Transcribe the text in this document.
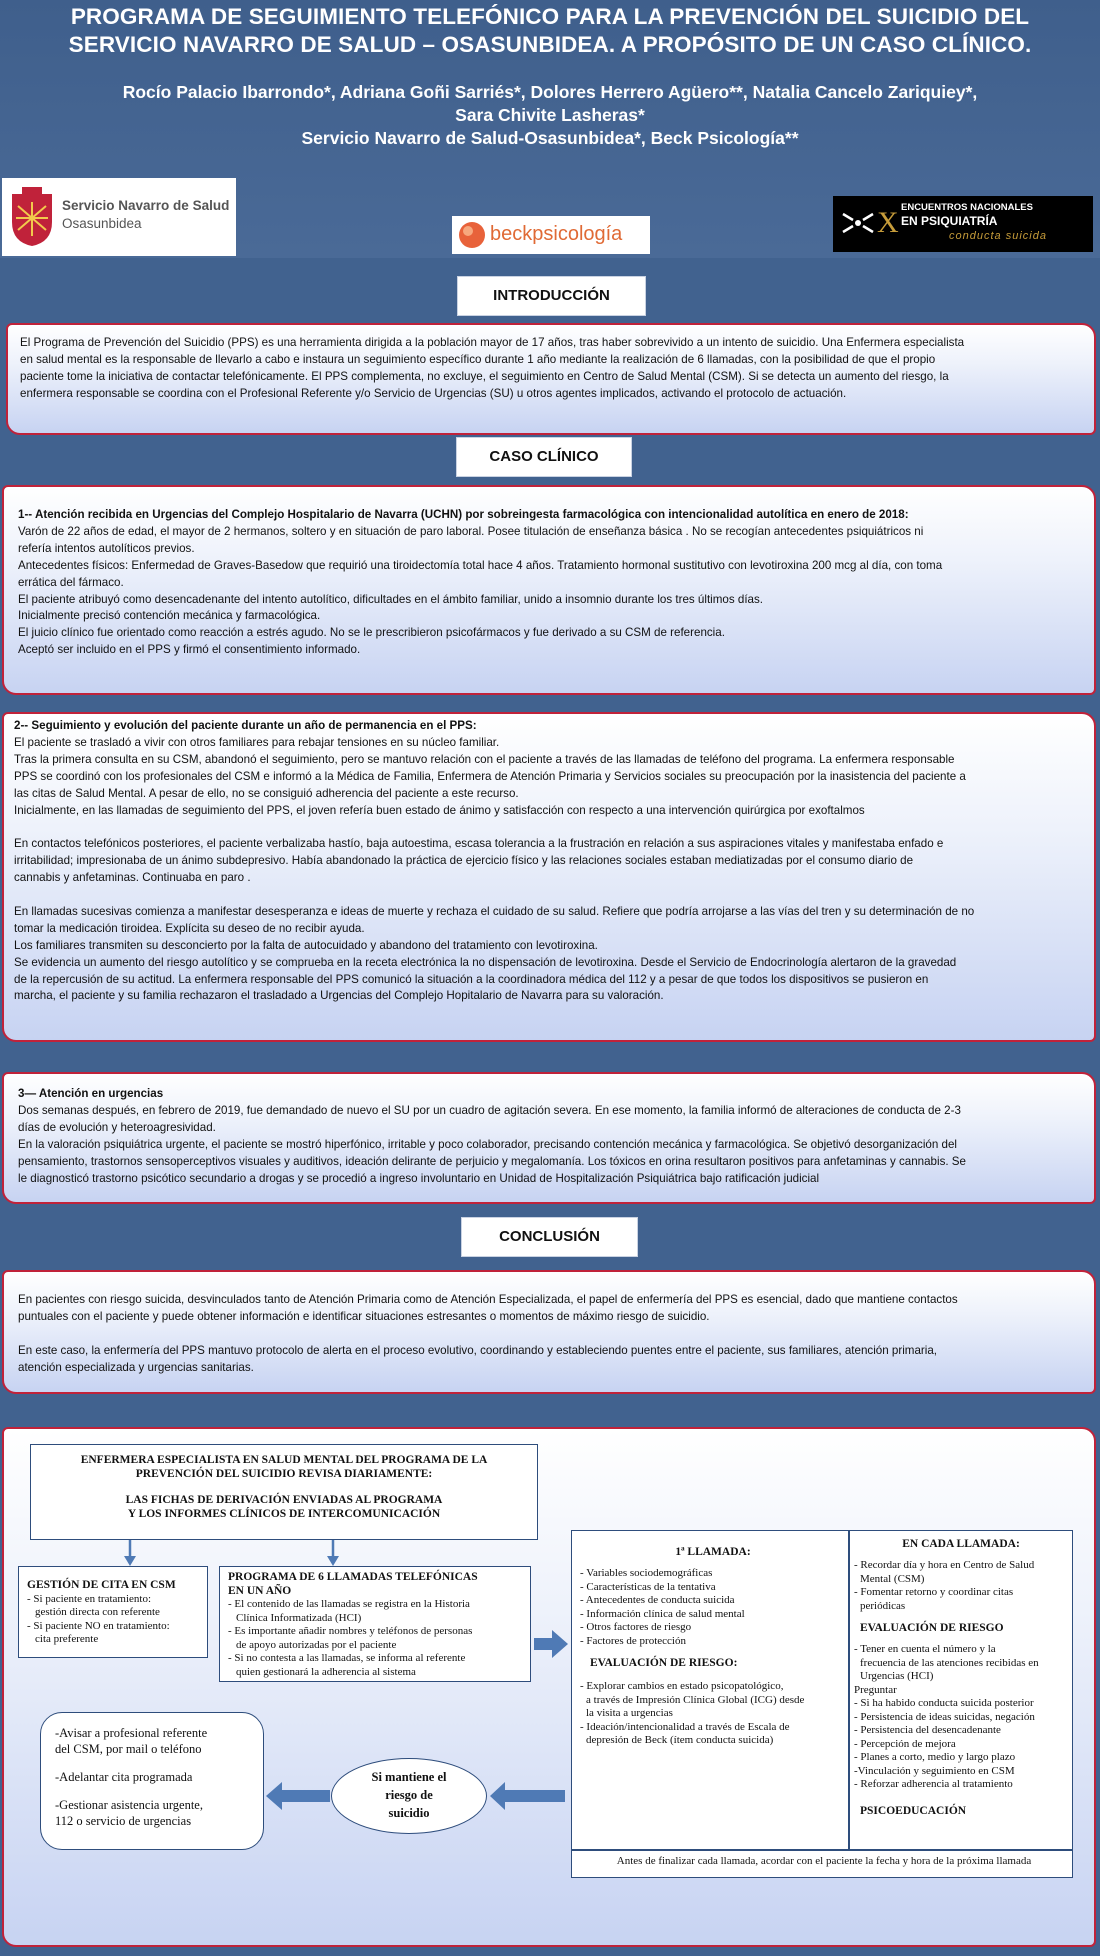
PROGRAMA DE SEGUIMIENTO TELEFÓNICO PARA LA PREVENCIÓN DEL SUICIDIO DEL
SERVICIO NAVARRO DE SALUD – OSASUNBIDEA. A PROPÓSITO DE UN CASO CLÍNICO.
Rocío Palacio Ibarrondo*, Adriana Goñi Sarriés*, Dolores Herrero Agüero**, Natalia Cancelo Zariquiey*,
Sara Chivite Lasheras*
Servicio Navarro de Salud-Osasunbidea*, Beck Psicología**
Servicio Navarro de Salud
Osasunbidea	beckpsicología	X ENCUENTROS NACIONALES
EN PSIQUIATRÍA
conducta suicida
INTRODUCCIÓN

El Programa de Prevención del Suicidio (PPS) es una herramienta dirigida a la población mayor de 17 años, tras haber sobrevivido a un intento de suicidio. Una Enfermera especialista

en salud mental es la responsable de llevarlo a cabo e instaura un seguimiento específico durante 1 año mediante la realización de 6 llamadas, con la posibilidad de que el propio

paciente tome la iniciativa de contactar telefónicamente. El PPS complementa, no excluye, el seguimiento en Centro de Salud Mental (CSM). Si se detecta un aumento del riesgo, la

enfermera responsable se coordina con el Profesional Referente y/o Servicio de Urgencias (SU) u otros agentes implicados, activando el protocolo de actuación.

CASO CLÍNICO

1-- Atención recibida en Urgencias del Complejo Hospitalario de Navarra (UCHN) por sobreingesta farmacológica con intencionalidad autolítica en enero de 2018:

Varón de 22 años de edad, el mayor de 2 hermanos, soltero y en situación de paro laboral. Posee titulación de enseñanza básica . No se recogían antecedentes psiquiátricos ni

refería intentos autolíticos previos.

Antecedentes físicos: Enfermedad de Graves-Basedow que requirió una tiroidectomía total hace 4 años. Tratamiento hormonal sustitutivo con levotiroxina 200 mcg al día, con toma

errática del fármaco.

El paciente atribuyó como desencadenante del intento autolítico, dificultades en el ámbito familiar, unido a insomnio durante los tres últimos días.

Inicialmente precisó contención mecánica y farmacológica.

El juicio clínico fue orientado como reacción a estrés agudo. No se le prescribieron psicofármacos y fue derivado a su CSM de referencia.

Aceptó ser incluido en el PPS y firmó el consentimiento informado.

2-- Seguimiento y evolución del paciente durante un año de permanencia en el PPS:

El paciente se trasladó a vivir con otros familiares para rebajar tensiones en su núcleo familiar.

Tras la primera consulta en su CSM, abandonó el seguimiento, pero se mantuvo relación con el paciente a través de las llamadas de teléfono del programa. La enfermera responsable

PPS se coordinó con los profesionales del CSM e informó a la Médica de Familia, Enfermera de Atención Primaria y Servicios sociales su preocupación por la inasistencia del paciente a

las citas de Salud Mental. A pesar de ello, no se consiguió adherencia del paciente a este recurso.

Inicialmente, en las llamadas de seguimiento del PPS, el joven refería buen estado de ánimo y satisfacción con respecto a una intervención quirúrgica por exoftalmos

En contactos telefónicos posteriores, el paciente verbalizaba hastío, baja autoestima, escasa tolerancia a la frustración en relación a sus aspiraciones vitales y manifestaba enfado e

irritabilidad; impresionaba de un ánimo subdepresivo. Había abandonado la práctica de ejercicio físico y las relaciones sociales estaban mediatizadas por el consumo diario de

cannabis y anfetaminas. Continuaba en paro .

En llamadas sucesivas comienza a manifestar desesperanza e ideas de muerte y rechaza el cuidado de su salud. Refiere que podría arrojarse a las vías del tren y su determinación de no

tomar la medicación tiroidea. Explícita su deseo de no recibir ayuda.

Los familiares transmiten su desconcierto por la falta de autocuidado y abandono del tratamiento con levotiroxina.

Se evidencia un aumento del riesgo autolítico y se comprueba en la receta electrónica la no dispensación de levotiroxina. Desde el Servicio de Endocrinología alertaron de la gravedad

de la repercusión de su actitud. La enfermera responsable del PPS comunicó la situación a la coordinadora médica del 112 y a pesar de que todos los dispositivos se pusieron en

marcha, el paciente y su familia rechazaron el trasladado a Urgencias del Complejo Hopitalario de Navarra para su valoración.

3— Atención en urgencias

Dos semanas después, en febrero de 2019, fue demandado de nuevo el SU por un cuadro de agitación severa. En ese momento, la familia informó de alteraciones de conducta de 2-3

días de evolución y heteroagresividad.

En la valoración psiquiátrica urgente, el paciente se mostró hiperfónico, irritable y poco colaborador, precisando contención mecánica y farmacológica. Se objetivó desorganización del

pensamiento, trastornos sensoperceptivos visuales y auditivos, ideación delirante de perjuicio y megalomanía. Los tóxicos en orina resultaron positivos para anfetaminas y cannabis. Se

le diagnosticó trastorno psicótico secundario a drogas y se procedió a ingreso involuntario en Unidad de Hospitalización Psiquiátrica bajo ratificación judicial

CONCLUSIÓN

En pacientes con riesgo suicida, desvinculados tanto de Atención Primaria como de Atención Especializada, el papel de enfermería del PPS es esencial, dado que mantiene contactos

puntuales con el paciente y puede obtener información e identificar situaciones estresantes o momentos de máximo riesgo de suicidio.

En este caso, la enfermería del PPS mantuvo protocolo de alerta en el proceso evolutivo, coordinando y estableciendo puentes entre el paciente, sus familiares, atención primaria,

atención especializada y urgencias sanitarias.

ENFERMERA ESPECIALISTA EN SALUD MENTAL DEL PROGRAMA DE LA
PREVENCIÓN DEL SUICIDIO REVISA DIARIAMENTE:
LAS FICHAS DE DERIVACIÓN ENVIADAS AL PROGRAMA
Y LOS INFORMES CLÍNICOS DE INTERCOMUNICACIÓN

GESTIÓN DE CITA EN CSM

- Si paciente en tratamiento:

gestión directa con referente

- Si paciente NO en tratamiento:

cita preferente

PROGRAMA DE 6 LLAMADAS TELEFÓNICAS

EN UN AÑO

- El contenido de las llamadas se registra en la Historia

Clínica Informatizada (HCI)

- Es importante añadir nombres y teléfonos de personas

de apoyo autorizadas por el paciente

- Si no contesta a las llamadas, se informa al referente

quien gestionará la adherencia al sistema

-Avisar a profesional referente

del CSM, por mail o teléfono

-Adelantar cita programada

-Gestionar asistencia urgente,

112 o servicio de urgencias

Si mantiene el
riesgo de
suicidio

1ª LLAMADA:

- Variables sociodemográficas

- Características de la tentativa

- Antecedentes de conducta suicida

- Información clínica de salud mental

- Otros factores de riesgo

- Factores de protección

EVALUACIÓN DE RIESGO:

- Explorar cambios en estado psicopatológico,

a través de Impresión Clínica Global (ICG) desde

la visita a urgencias

- Ideación/intencionalidad a través de Escala de

depresión de Beck (ítem conducta suicida)

EN CADA LLAMADA:

- Recordar día y hora en Centro de Salud

Mental (CSM)

- Fomentar retorno y coordinar citas

periódicas

EVALUACIÓN DE RIESGO

- Tener en cuenta el número y la

frecuencia de las atenciones recibidas en

Urgencias (HCI)

Preguntar

- Si ha habido conducta suicida posterior

- Persistencia de ideas suicidas, negación

- Persistencia del desencadenante

- Percepción de mejora

- Planes a corto, medio y largo plazo

-Vinculación y seguimiento en CSM

- Reforzar adherencia al tratamiento

PSICOEDUCACIÓN

Antes de finalizar cada llamada, acordar con el paciente la fecha y hora de la próxima llamada
